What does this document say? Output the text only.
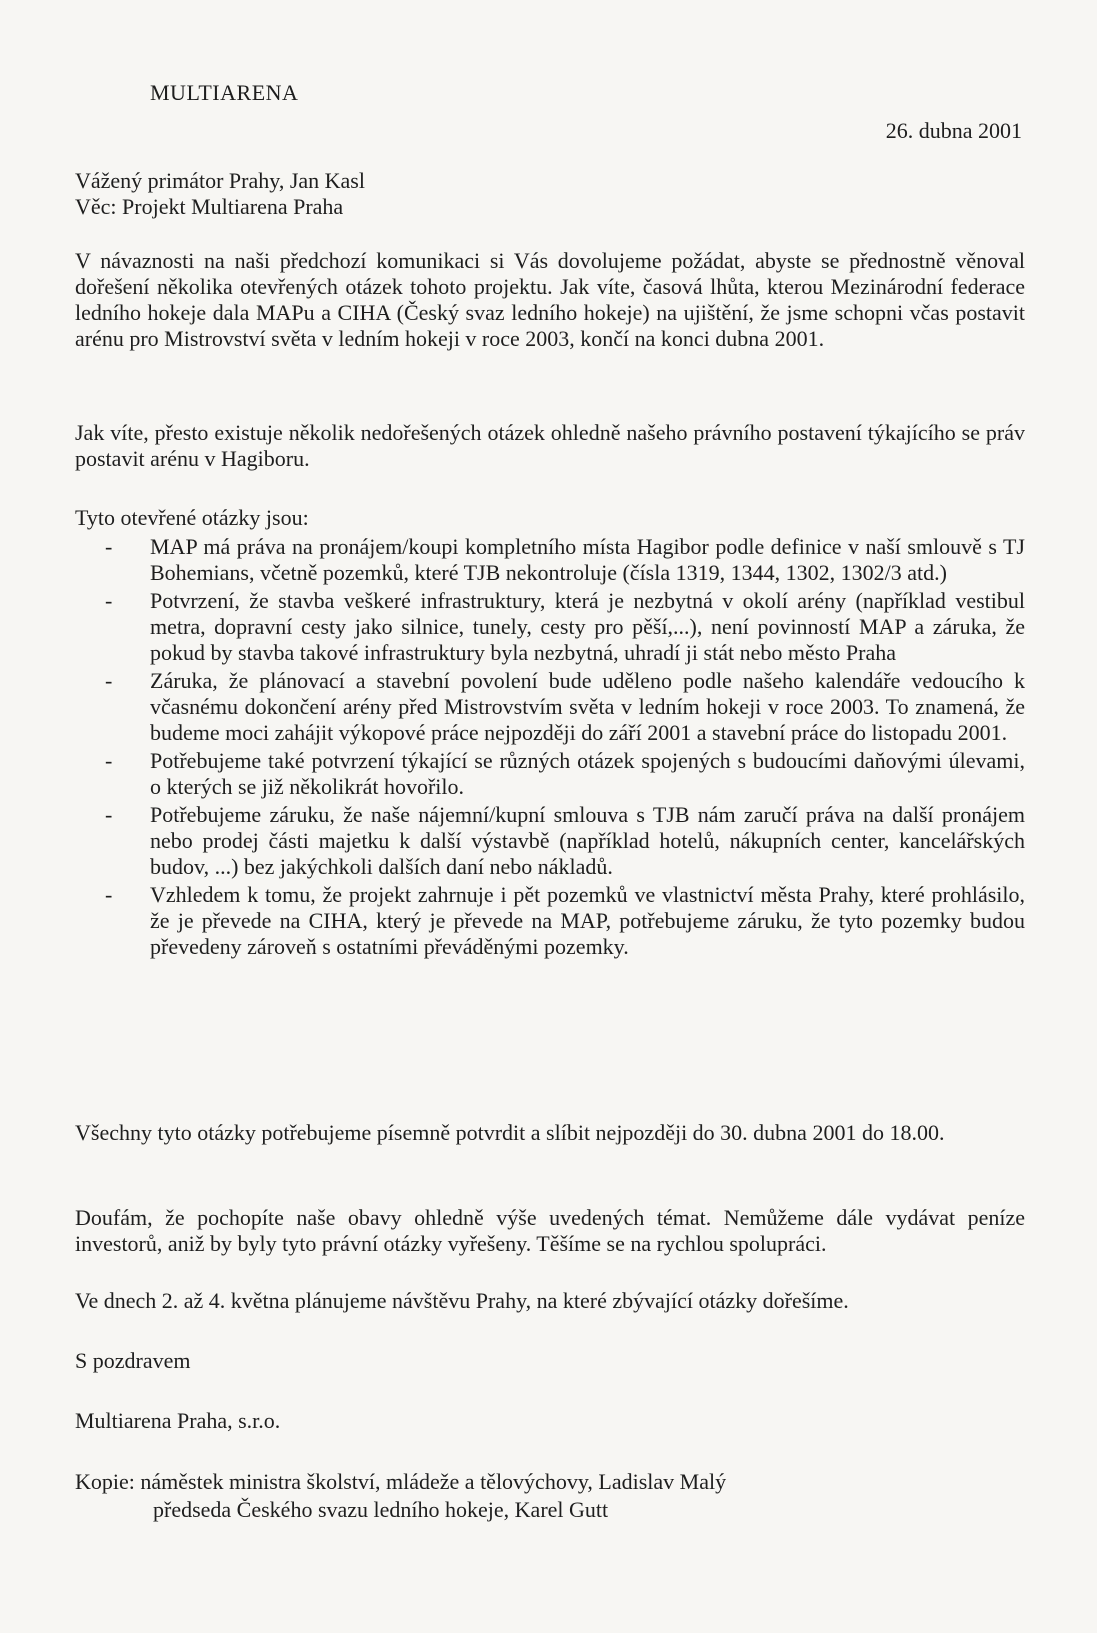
MULTIARENA
26. dubna 2001
Vážený primátor Prahy, Jan Kasl
Věc: Projekt Multiarena Praha

V návaznosti na naši předchozí komunikaci si Vás dovolujeme požádat, abyste se přednostně věnoval dořešení několika otevřených otázek tohoto projektu. Jak víte, časová lhůta, kterou Mezinárodní federace ledního hokeje dala MAPu a CIHA (Český svaz ledního hokeje) na ujištění, že jsme schopni včas postavit arénu pro Mistrovství světa v ledním hokeji v roce 2003, končí na konci dubna 2001.

Jak víte, přesto existuje několik nedořešených otázek ohledně našeho právního postavení týkajícího se práv postavit arénu v Hagiboru.

Tyto otevřené otázky jsou:
- MAP má práva na pronájem/koupi kompletního místa Hagibor podle definice v naší smlouvě s TJ Bohemians, včetně pozemků, které TJB nekontroluje (čísla 1319, 1344, 1302, 1302/3 atd.)
- Potvrzení, že stavba veškeré infrastruktury, která je nezbytná v okolí arény (například vestibul metra, dopravní cesty jako silnice, tunely, cesty pro pěší,...), není povinností MAP a záruka, že pokud by stavba takové infrastruktury byla nezbytná, uhradí ji stát nebo město Praha
- Záruka, že plánovací a stavební povolení bude uděleno podle našeho kalendáře vedoucího k včasnému dokončení arény před Mistrovstvím světa v ledním hokeji v roce 2003. To znamená, že budeme moci zahájit výkopové práce nejpozději do září 2001 a stavební práce do listopadu 2001.
- Potřebujeme také potvrzení týkající se různých otázek spojených s budoucími daňovými úlevami, o kterých se již několikrát hovořilo.
- Potřebujeme záruku, že naše nájemní/kupní smlouva s TJB nám zaručí práva na další pronájem nebo prodej části majetku k další výstavbě (například hotelů, nákupních center, kancelářských budov, ...) bez jakýchkoli dalších daní nebo nákladů.
- Vzhledem k tomu, že projekt zahrnuje i pět pozemků ve vlastnictví města Prahy, které prohlásilo, že je převede na CIHA, který je převede na MAP, potřebujeme záruku, že tyto pozemky budou převedeny zároveň s ostatními převáděnými pozemky.

Všechny tyto otázky potřebujeme písemně potvrdit a slíbit nejpozději do 30. dubna 2001 do 18.00.

Doufám, že pochopíte naše obavy ohledně výše uvedených témat. Nemůžeme dále vydávat peníze investorů, aniž by byly tyto právní otázky vyřešeny. Těšíme se na rychlou spolupráci.

Ve dnech 2. až 4. května plánujeme návštěvu Prahy, na které zbývající otázky dořešíme.

S pozdravem
Multiarena Praha, s.r.o.
Kopie: náměstek ministra školství, mládeže a tělovýchovy, Ladislav Malý
předseda Českého svazu ledního hokeje, Karel Gutt
